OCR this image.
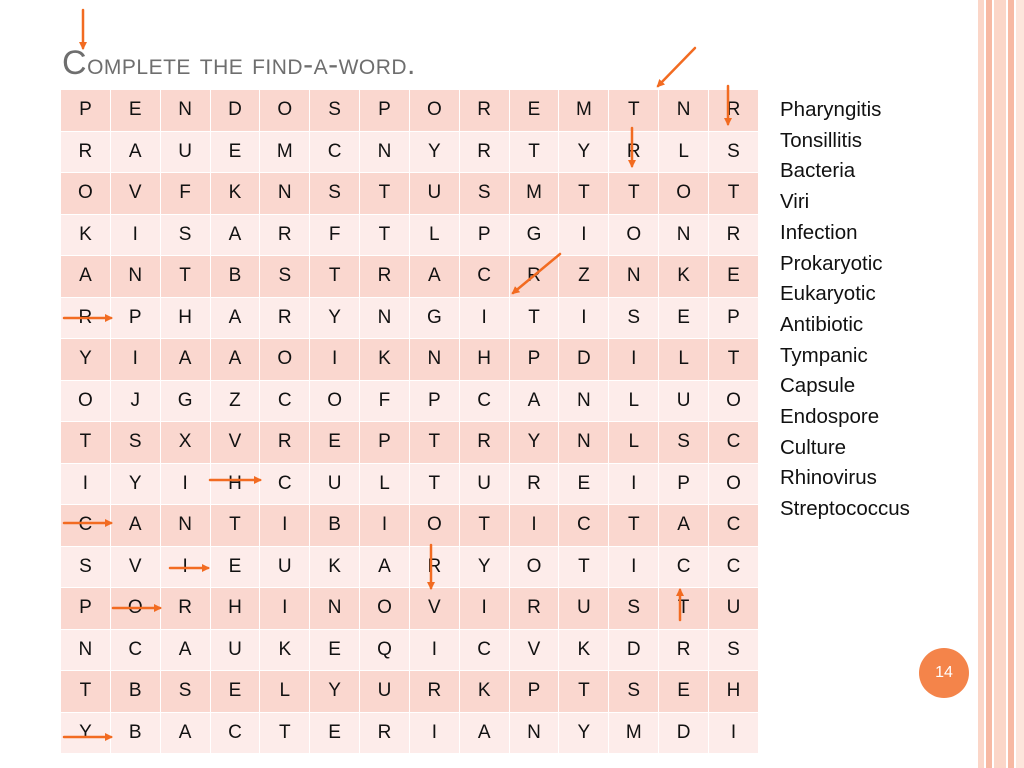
Complete the find-a-word.
P	E	N	D	O	S	P	O	R	E	M	T	N	R
R	A	U	E	M	C	N	Y	R	T	Y	R	L	S
O	V	F	K	N	S	T	U	S	M	T	T	O	T
K	I	S	A	R	F	T	L	P	G	I	O	N	R
A	N	T	B	S	T	R	A	C	R	Z	N	K	E
R	P	H	A	R	Y	N	G	I	T	I	S	E	P
Y	I	A	A	O	I	K	N	H	P	D	I	L	T
O	J	G	Z	C	O	F	P	C	A	N	L	U	O
T	S	X	V	R	E	P	T	R	Y	N	L	S	C
I	Y	I	H	C	U	L	T	U	R	E	I	P	O
C	A	N	T	I	B	I	O	T	I	C	T	A	C
S	V	I	E	U	K	A	R	Y	O	T	I	C	C
P	O	R	H	I	N	O	V	I	R	U	S	T	U
N	C	A	U	K	E	Q	I	C	V	K	D	R	S
T	B	S	E	L	Y	U	R	K	P	T	S	E	H
Y	B	A	C	T	E	R	I	A	N	Y	M	D	I
Pharyngitis
Tonsillitis
Bacteria
Viri
Infection
Prokaryotic
Eukaryotic
Antibiotic
Tympanic
Capsule
Endospore
Culture
Rhinovirus
Streptococcus
14
